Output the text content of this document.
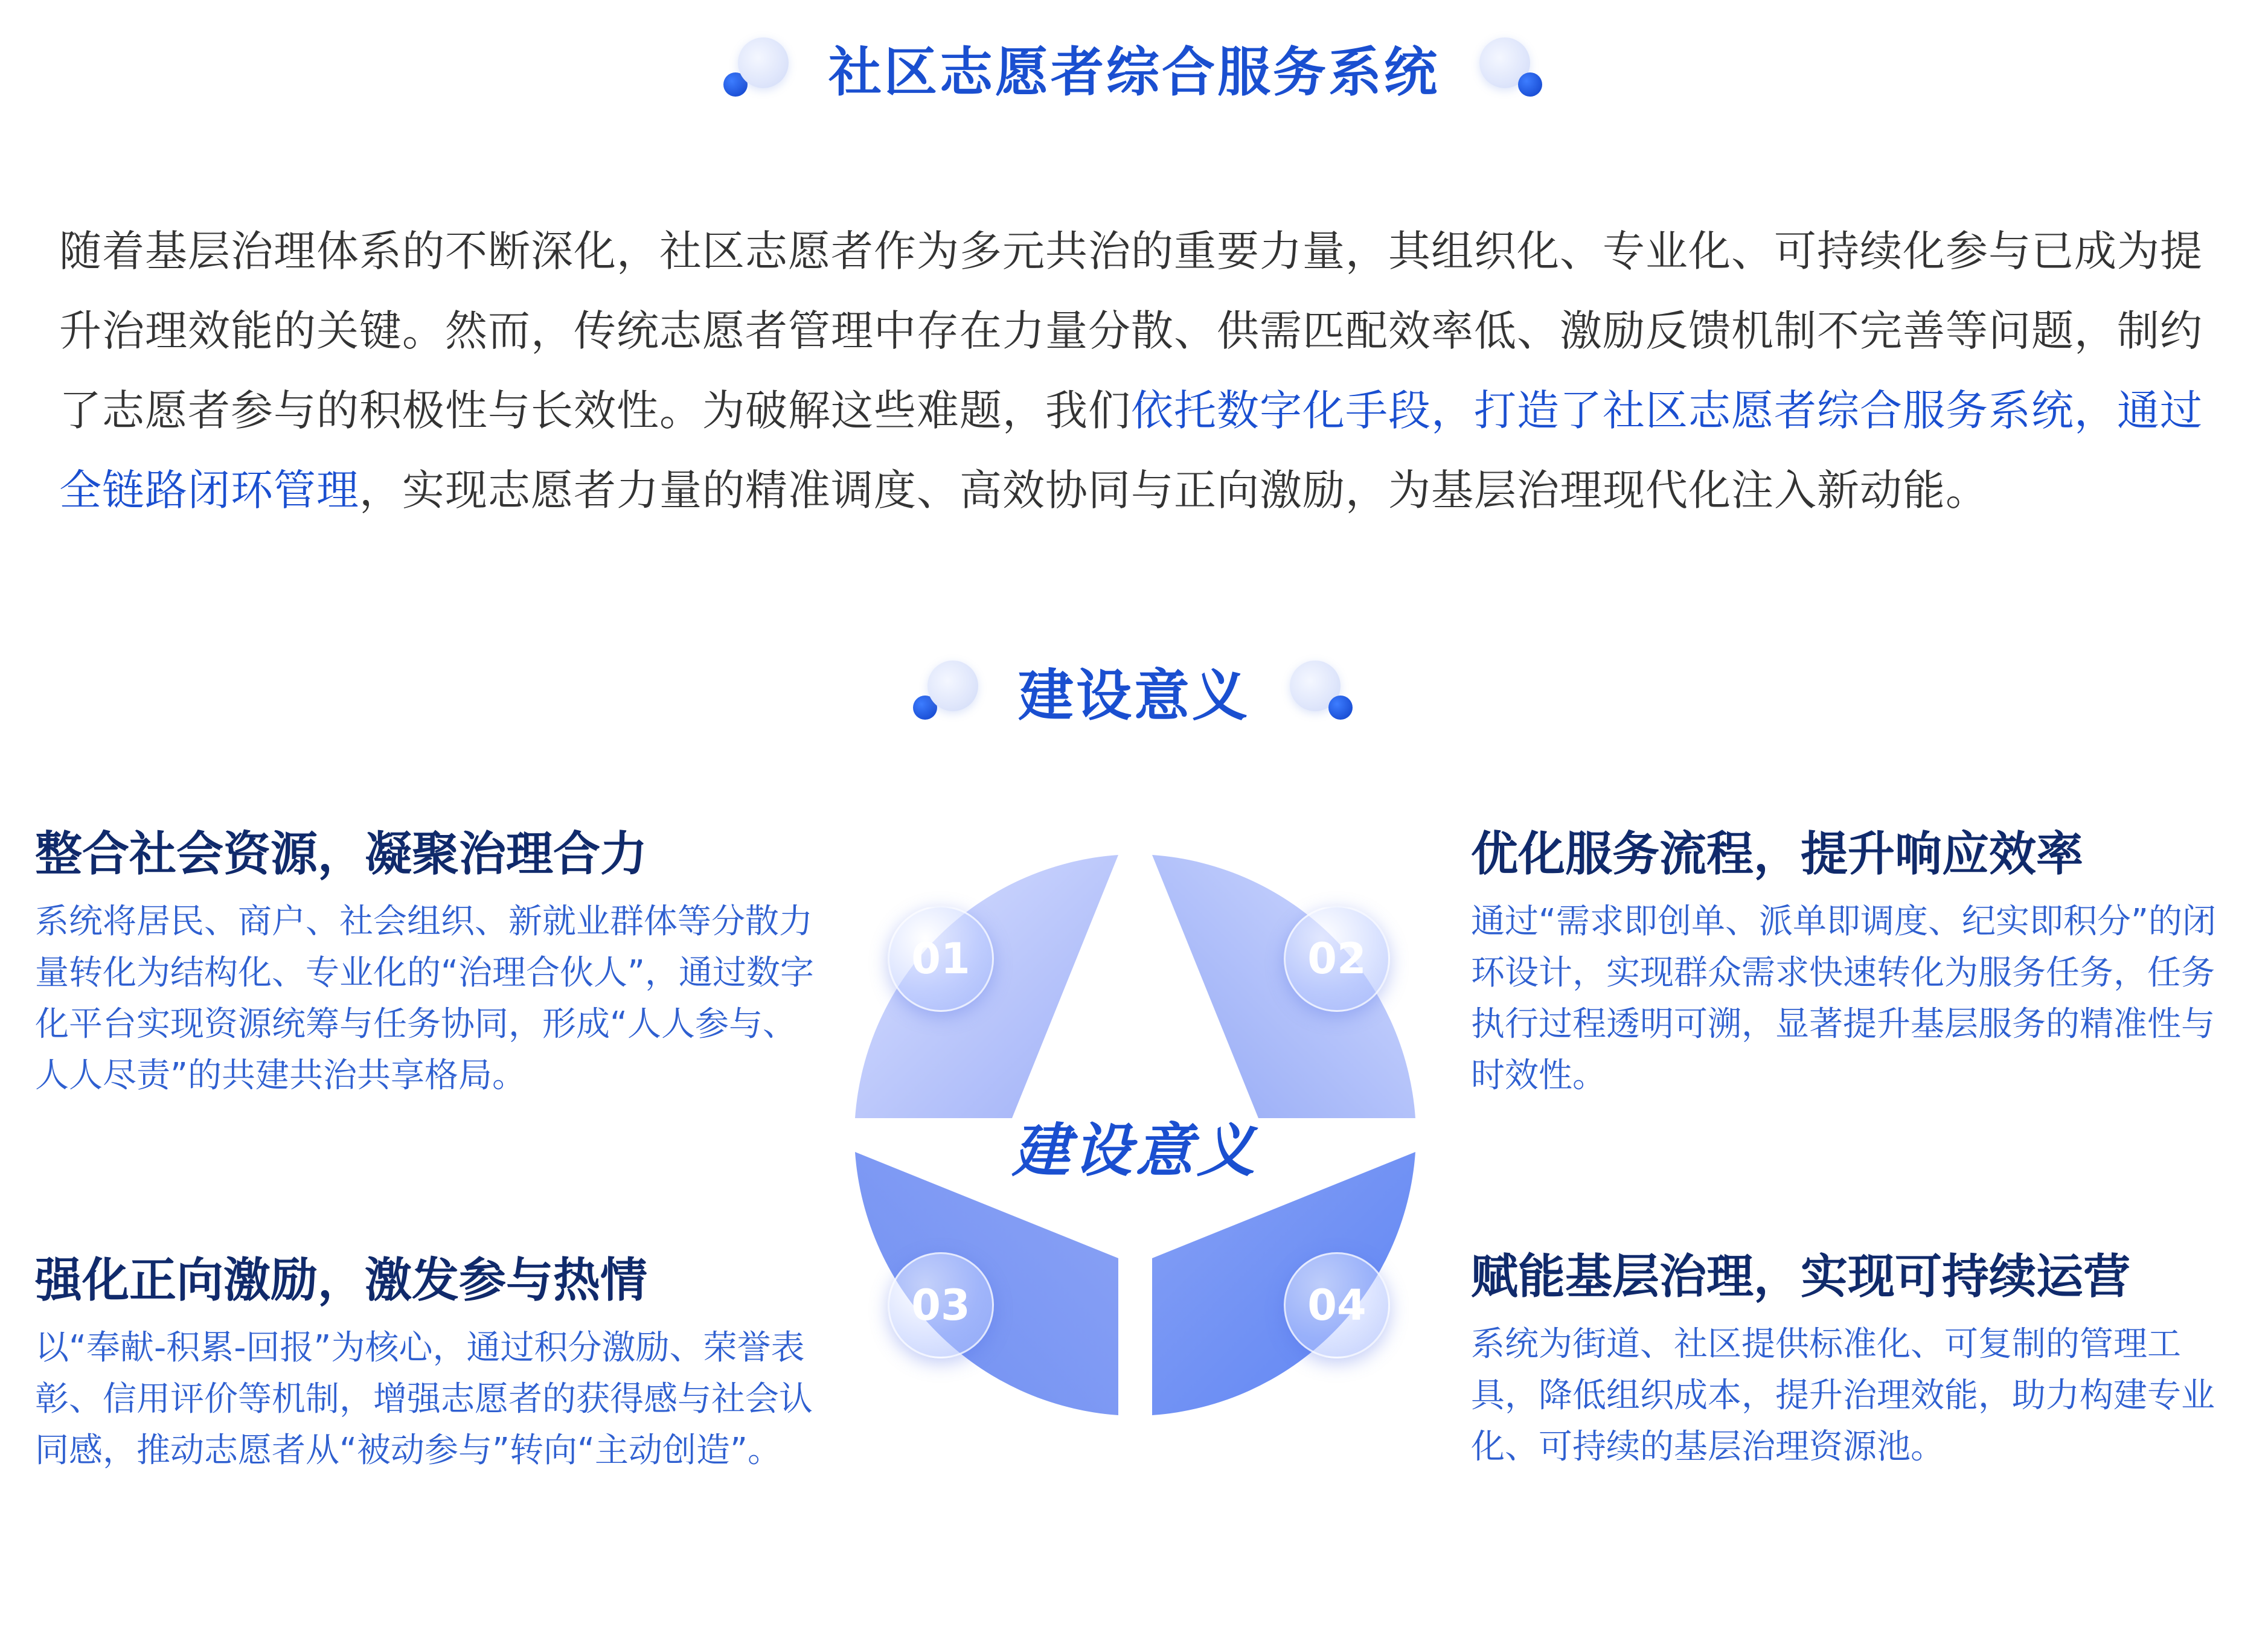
社区志愿者综合服务系统
随着基层治理体系的不断深化，社区志愿者作为多元共治的重要力量，其组织化、专业化、可持续化参与已成为提升治理效能的关键。然而，传统志愿者管理中存在力量分散、供需匹配效率低、激励反馈机制不完善等问题，制约了志愿者参与的积极性与长效性。为破解这些难题，我们依托数字化手段，打造了社区志愿者综合服务系统，通过全链路闭环管理，实现志愿者力量的精准调度、高效协同与正向激励，为基层治理现代化注入新动能。
建设意义
整合社会资源，凝聚治理合力

系统将居民、商户、社会组织、新就业群体等分散力量转化为结构化、专业化的“治理合伙人”，通过数字化平台实现资源统筹与任务协同，形成“人人参与、人人尽责”的共建共治共享格局。

优化服务流程，提升响应效率

通过“需求即创单、派单即调度、纪实即积分”的闭环设计，实现群众需求快速转化为服务任务，任务执行过程透明可溯，显著提升基层服务的精准性与时效性。

强化正向激励，激发参与热情

以“奉献-积累-回报”为核心，通过积分激励、荣誉表彰、信用评价等机制，增强志愿者的获得感与社会认同感，推动志愿者从“被动参与”转向“主动创造”。

赋能基层治理，实现可持续运营

系统为街道、社区提供标准化、可复制的管理工具，降低组织成本，提升治理效能，助力构建专业化、可持续的基层治理资源池。

建设意义
01	02
03	04
